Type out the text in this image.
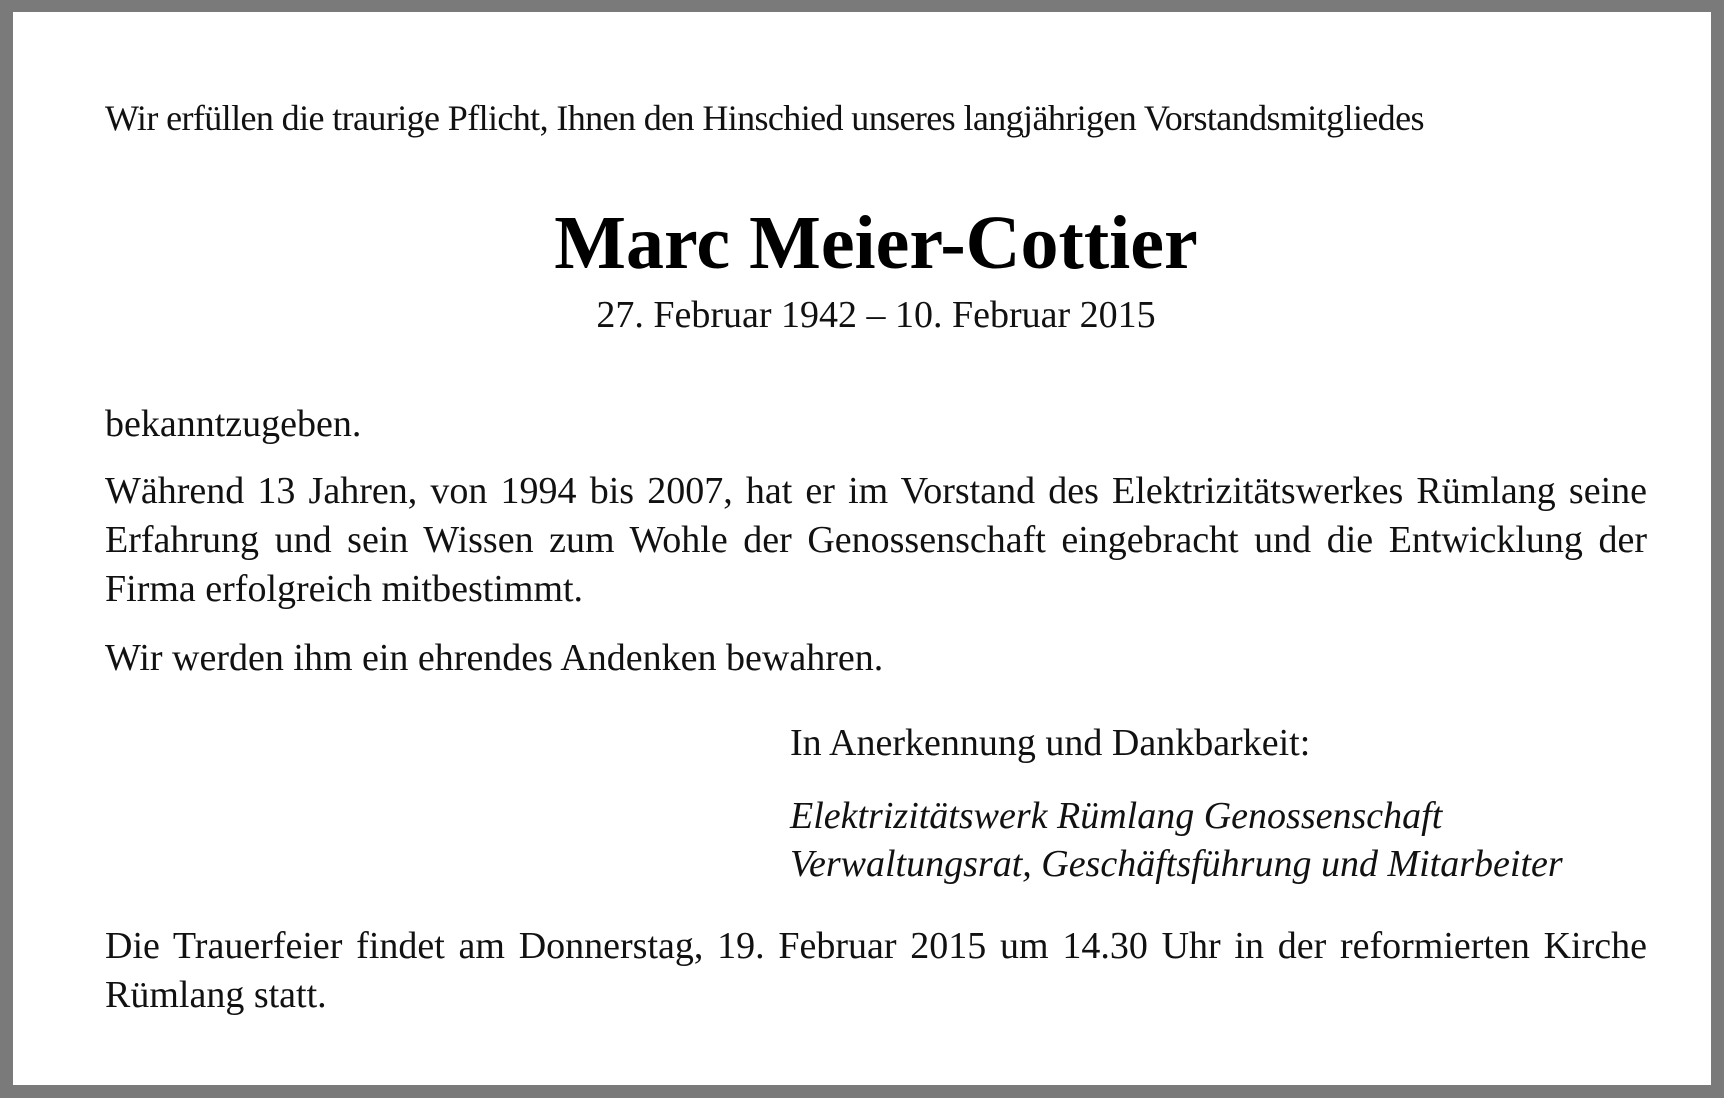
Wir erfüllen die traurige Pflicht, Ihnen den Hinschied unseres langjährigen Vorstandsmitgliedes
Marc Meier-Cottier
27. Februar 1942 – 10. Februar 2015
bekanntzugeben.
Während 13 Jahren, von 1994 bis 2007, hat er im Vorstand des Elektrizitätswerkes Rümlang seine Erfahrung und sein Wissen zum Wohle der Genossenschaft eingebracht und die Entwicklung der Firma erfolgreich mitbestimmt.
Wir werden ihm ein ehrendes Andenken bewahren.
In Anerkennung und Dankbarkeit:
Elektrizitätswerk Rümlang Genossenschaft
Verwaltungsrat, Geschäftsführung und Mitarbeiter
Die Trauerfeier findet am Donnerstag, 19. Februar 2015 um 14.30 Uhr in der reformierten Kirche Rümlang statt.
